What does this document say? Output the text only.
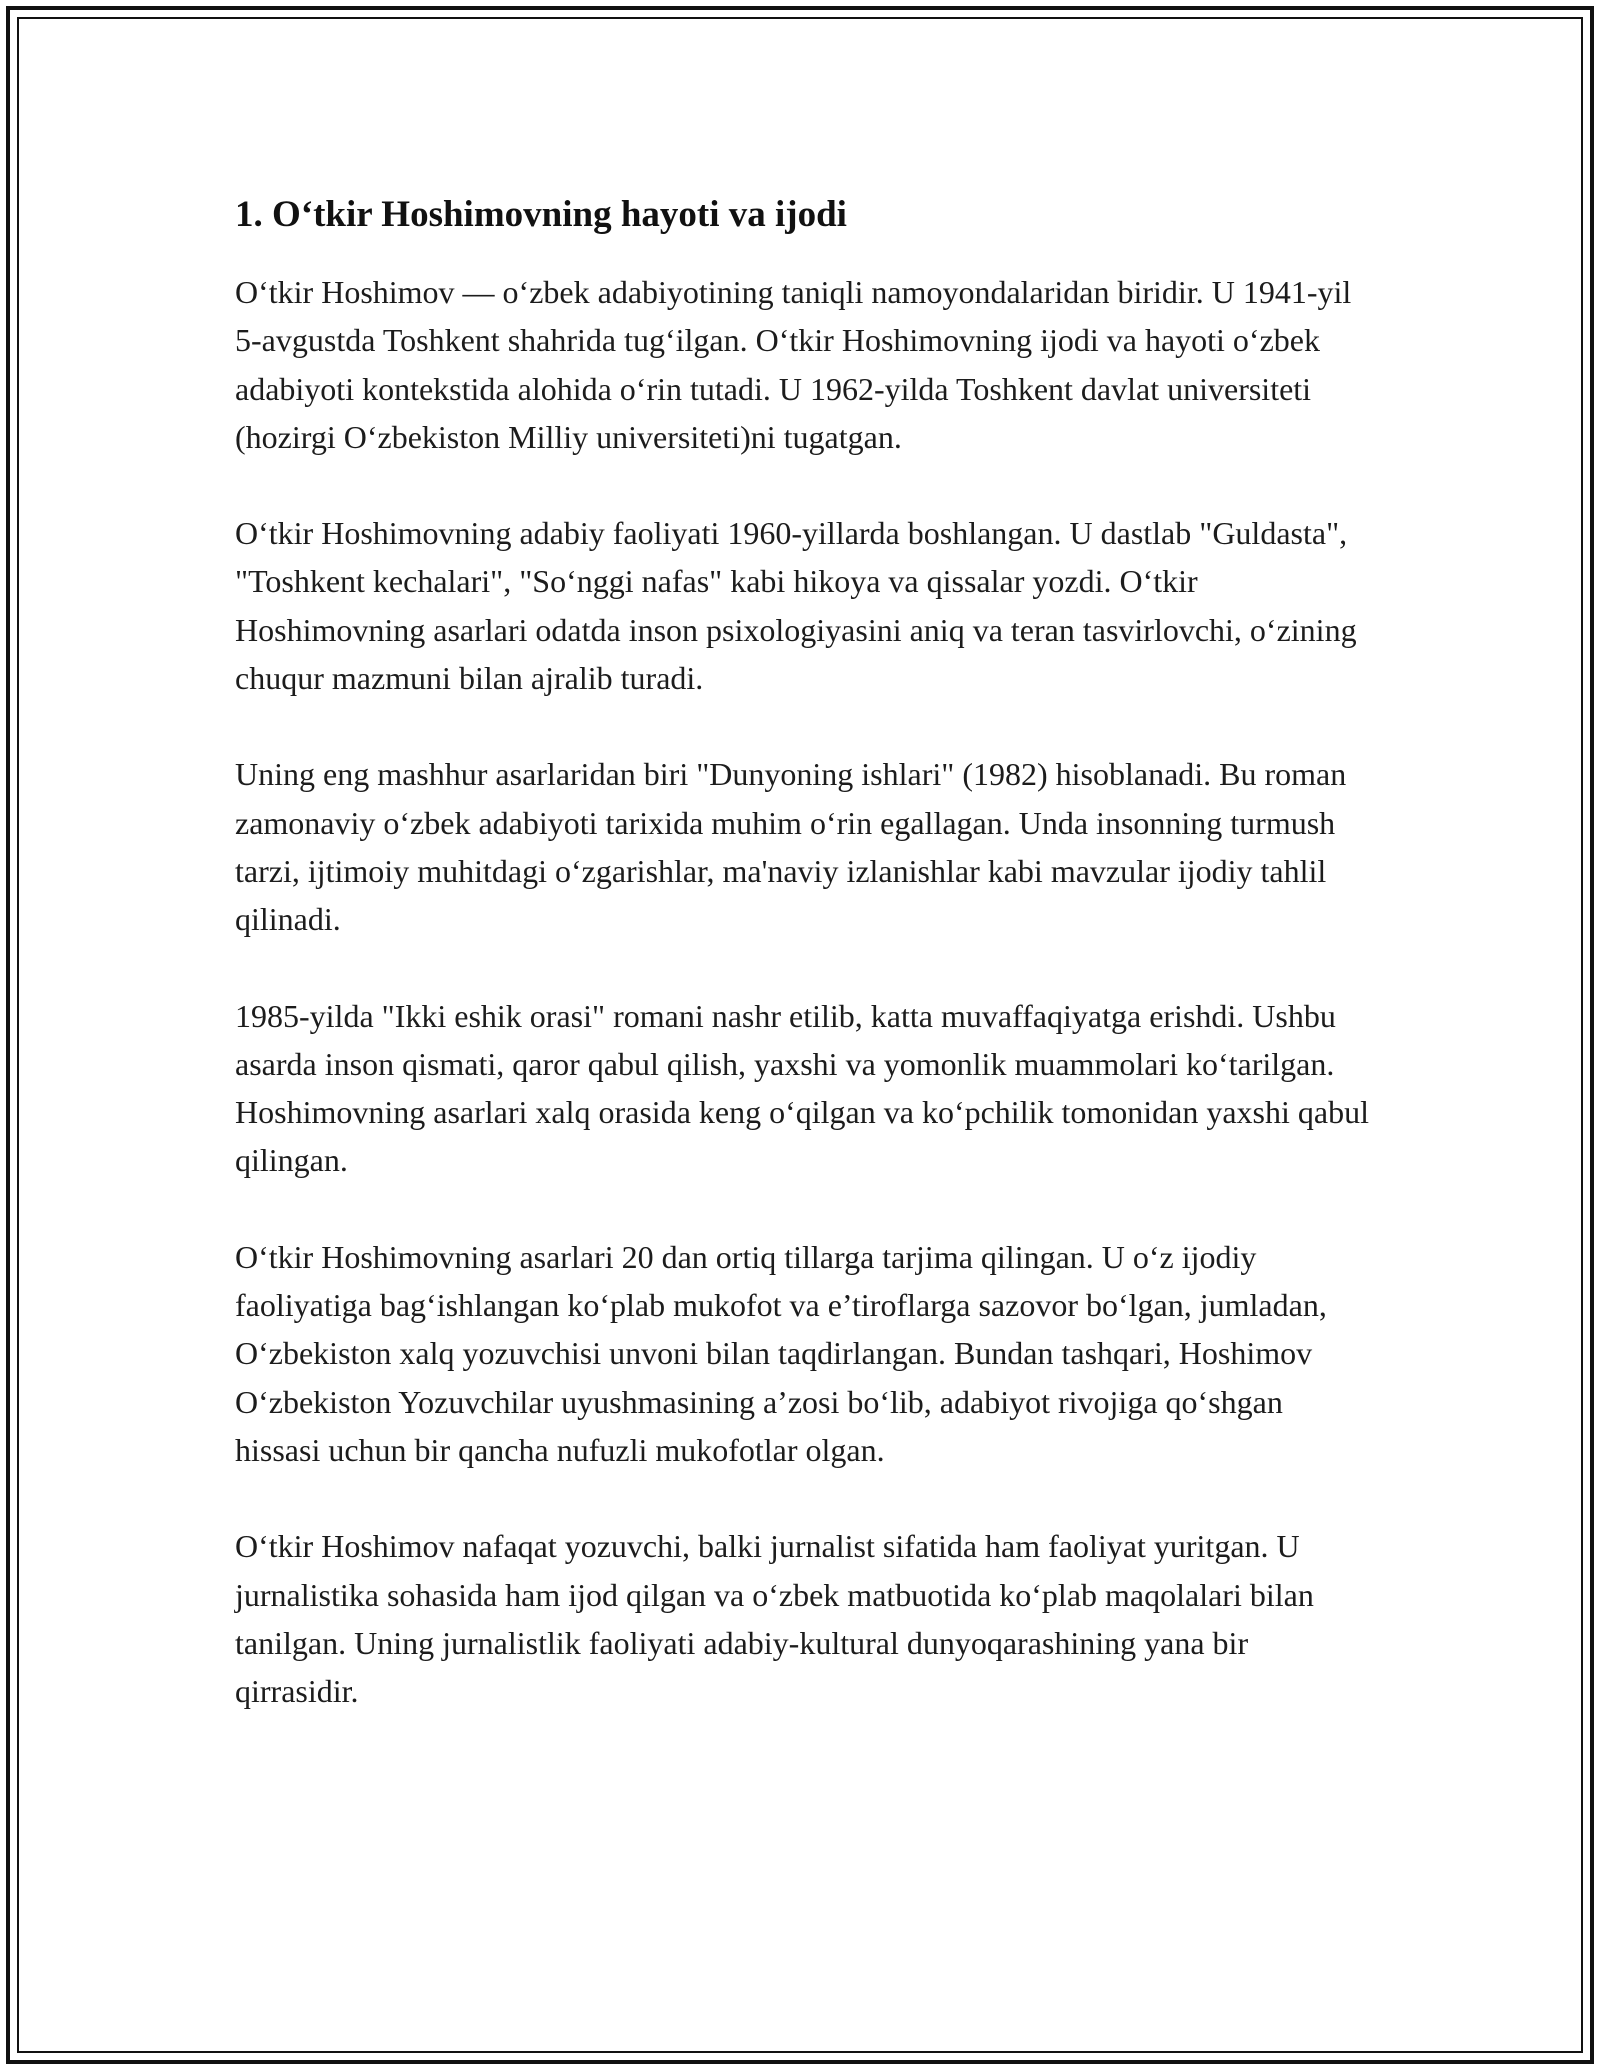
1. O‘tkir Hoshimovning hayoti va ijodi

O‘tkir Hoshimov — o‘zbek adabiyotining taniqli namoyondalaridan biridir. U 1941-yil 5-avgustda Toshkent shahrida tug‘ilgan. O‘tkir Hoshimovning ijodi va hayoti o‘zbek adabiyoti kontekstida alohida o‘rin tutadi. U 1962-yilda Toshkent davlat universiteti (hozirgi O‘zbekiston Milliy universiteti)ni tugatgan.

O‘tkir Hoshimovning adabiy faoliyati 1960-yillarda boshlangan. U dastlab "Guldasta", "Toshkent kechalari", "So‘nggi nafas" kabi hikoya va qissalar yozdi. O‘tkir Hoshimovning asarlari odatda inson psixologiyasini aniq va teran tasvirlovchi, o‘zining chuqur mazmuni bilan ajralib turadi.

Uning eng mashhur asarlaridan biri "Dunyoning ishlari" (1982) hisoblanadi. Bu roman zamonaviy o‘zbek adabiyoti tarixida muhim o‘rin egallagan. Unda insonning turmush tarzi, ijtimoiy muhitdagi o‘zgarishlar, ma'naviy izlanishlar kabi mavzular ijodiy tahlil qilinadi.

1985-yilda "Ikki eshik orasi" romani nashr etilib, katta muvaffaqiyatga erishdi. Ushbu asarda inson qismati, qaror qabul qilish, yaxshi va yomonlik muammolari ko‘tarilgan. Hoshimovning asarlari xalq orasida keng o‘qilgan va ko‘pchilik tomonidan yaxshi qabul qilingan.

O‘tkir Hoshimovning asarlari 20 dan ortiq tillarga tarjima qilingan. U o‘z ijodiy faoliyatiga bag‘ishlangan ko‘plab mukofot va e’tiroflarga sazovor bo‘lgan, jumladan, O‘zbekiston xalq yozuvchisi unvoni bilan taqdirlangan. Bundan tashqari, Hoshimov O‘zbekiston Yozuvchilar uyushmasining a’zosi bo‘lib, adabiyot rivojiga qo‘shgan hissasi uchun bir qancha nufuzli mukofotlar olgan.

O‘tkir Hoshimov nafaqat yozuvchi, balki jurnalist sifatida ham faoliyat yuritgan. U jurnalistika sohasida ham ijod qilgan va o‘zbek matbuotida ko‘plab maqolalari bilan tanilgan. Uning jurnalistlik faoliyati adabiy-kultural dunyoqarashining yana bir qirrasidir.
